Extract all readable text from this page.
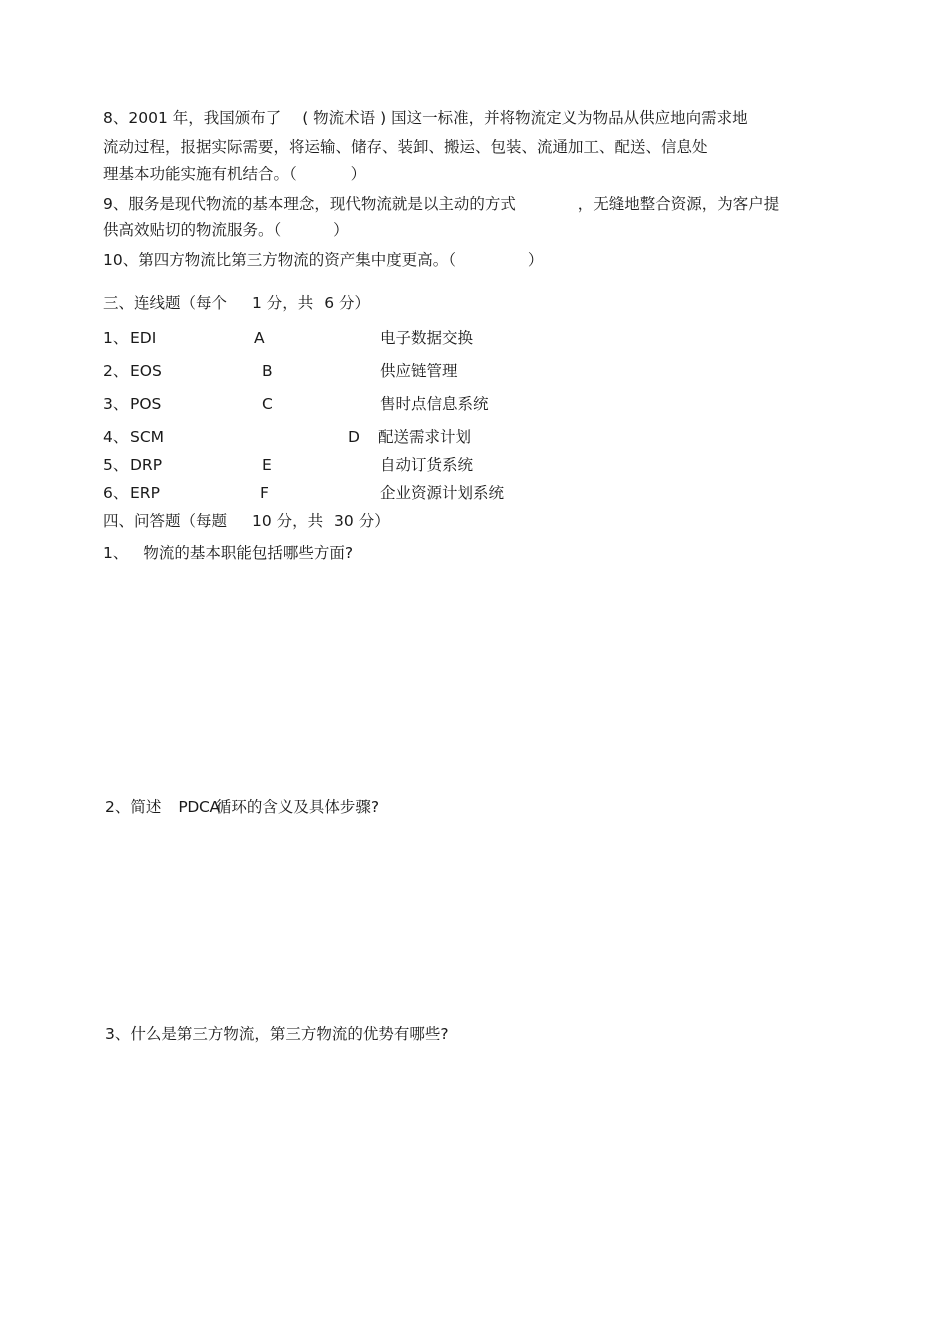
8、2001 年，我国颁布了 ( 物流术语 ) 国这一标准，并将物流定义为物品从供应地向需求地
流动过程，报据实际需要，将运输、储存、装卸、搬运、包装、流通加工、配送、信息处
理基本功能实施有机结合。（	）
9、服务是现代物流的基本理念，现代物流就是以主动的方式	，无缝地整合资源，为客户提
供高效贴切的物流服务。（	）
10、第四方物流比第三方物流的资产集中度更高。（	）
三、连线题（每个 1 分，共 6 分）
1、 EDI	A	电子数据交换
2、 EOS	B	供应链管理
3、 POS	C	售时点信息系统
4、 SCM	D 配送需求计划
5、 DRP	E	自动订货系统
6、 ERP	F	企业资源计划系统
四、问答题（每题 10 分，共 30 分）
1、 物流的基本职能包括哪些方面?
2、简述 PDCA循环的含义及具体步骤?
3、什么是第三方物流，第三方物流的优势有哪些?
